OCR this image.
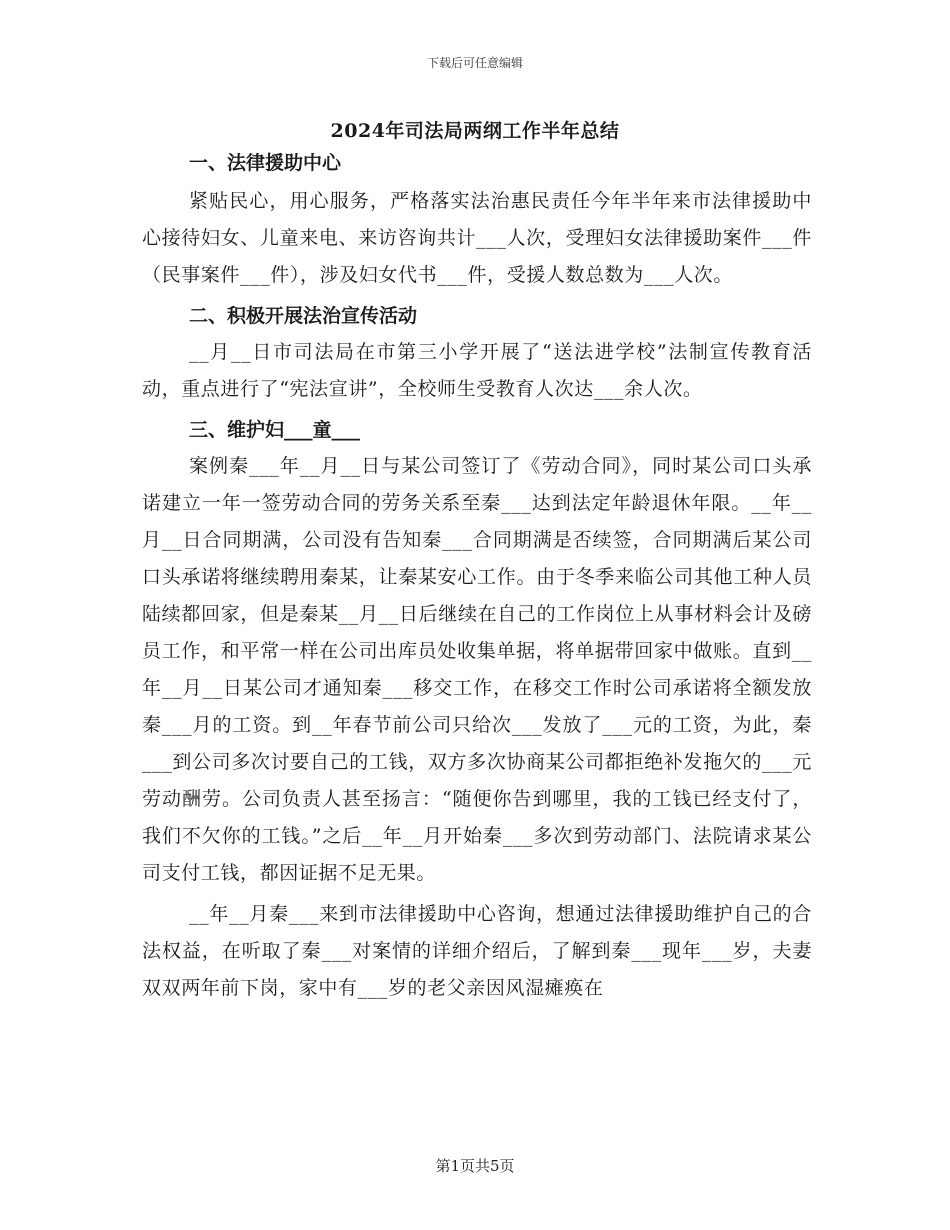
下载后可任意编辑
2024年司法局两纲工作半年总结

一、法律援助中心

紧贴民心，用心服务，严格落实法治惠民责任今年半年来市法律援助中心接待妇女、儿童来电、来访咨询共计___人次，受理妇女法律援助案件___件（民事案件___件），涉及妇女代书___件，受援人数总数为___人次。

二、积极开展法治宣传活动

__月__日市司法局在市第三小学开展了“送法进学校”法制宣传教育活动，重点进行了“宪法宣讲”，全校师生受教育人次达___余人次。

三、维护妇___童___

案例秦___年__月__日与某公司签订了《劳动合同》，同时某公司口头承诺建立一年一签劳动合同的劳务关系至秦___达到法定年龄退休年限。__年__月__日合同期满，公司没有告知秦___合同期满是否续签，合同期满后某公司口头承诺将继续聘用秦某，让秦某安心工作。由于冬季来临公司其他工种人员陆续都回家，但是秦某__月__日后继续在自己的工作岗位上从事材料会计及磅员工作，和平常一样在公司出库员处收集单据，将单据带回家中做账。直到__年__月__日某公司才通知秦___移交工作，在移交工作时公司承诺将全额发放秦___月的工资。到__年春节前公司只给次___发放了___元的工资，为此，秦___到公司多次讨要自己的工钱，双方多次协商某公司都拒绝补发拖欠的___元劳动酬劳。公司负责人甚至扬言：“随便你告到哪里，我的工钱已经支付了，我们不欠你的工钱。”之后__年__月开始秦___多次到劳动部门、法院请求某公司支付工钱，都因证据不足无果。

__年__月秦___来到市法律援助中心咨询，想通过法律援助维护自己的合法权益，在听取了秦___对案情的详细介绍后，了解到秦___现年___岁，夫妻双双两年前下岗，家中有___岁的老父亲因风湿瘫痪在

第1页共5页
